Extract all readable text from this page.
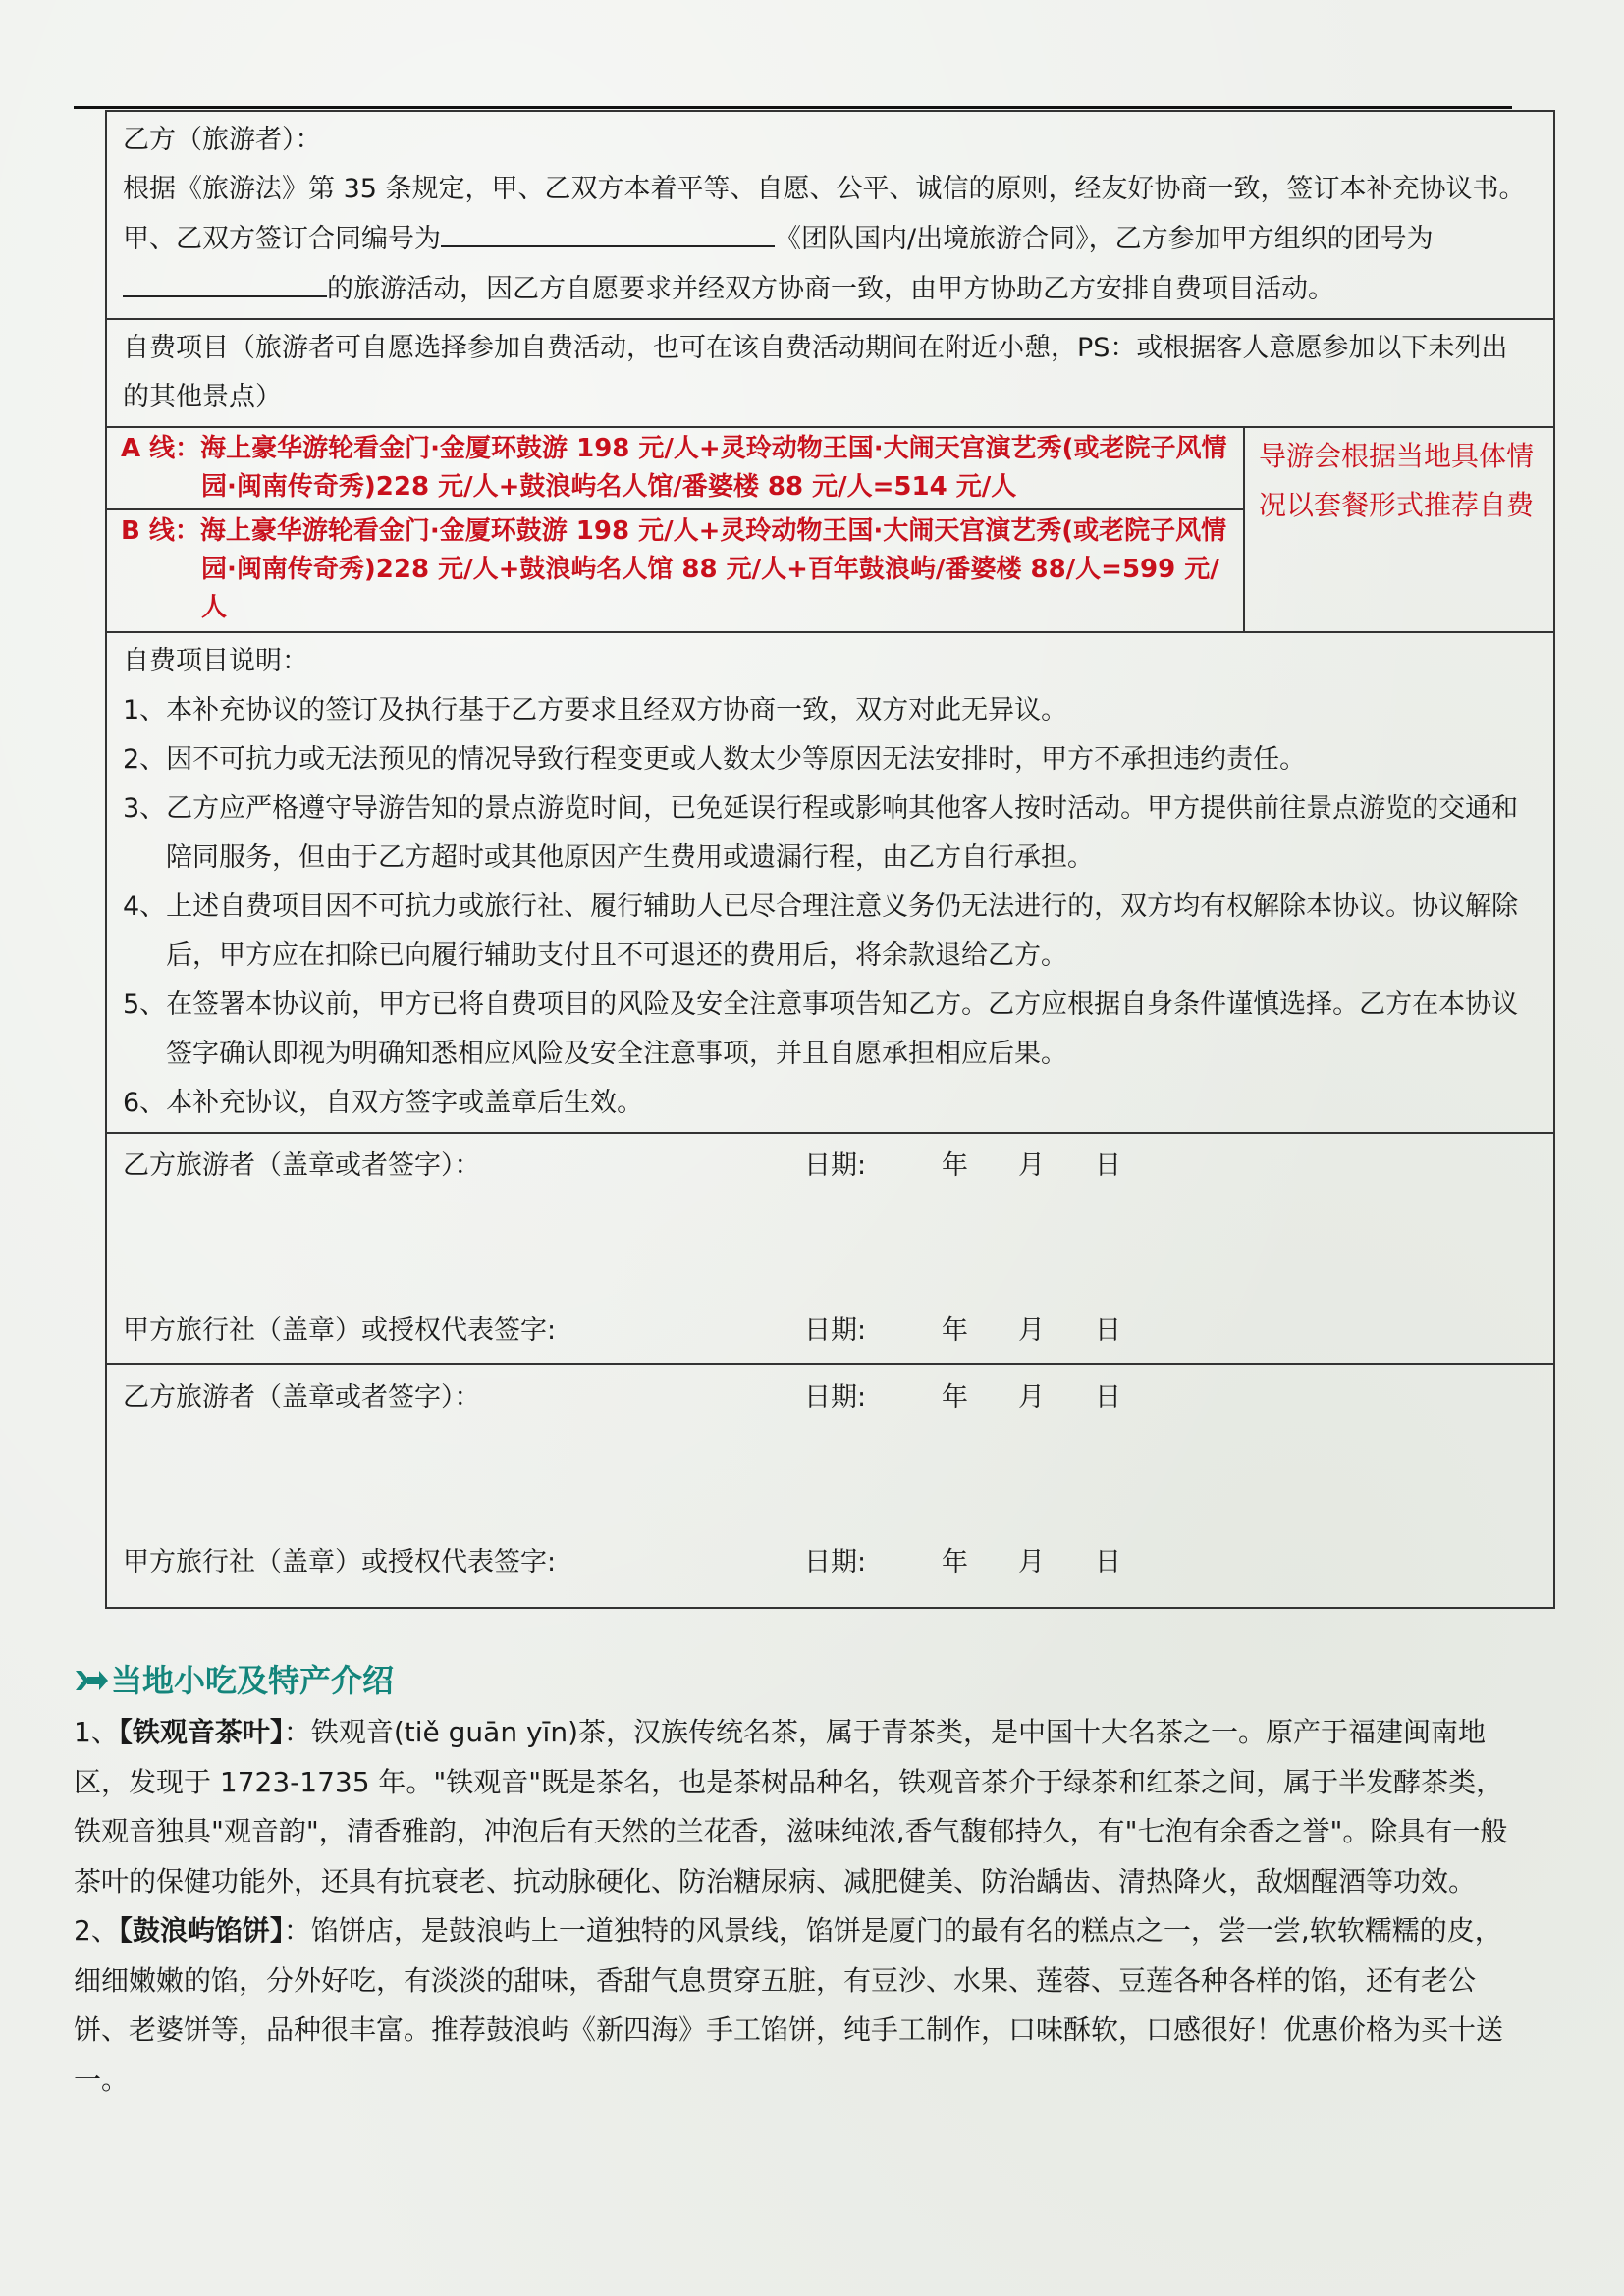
乙方（旅游者）：
根据《旅游法》第 35 条规定，甲、乙双方本着平等、自愿、公平、诚信的原则，经友好协商一致，签订本补充协议书。甲、乙双方签订合同编号为	《团队国内/出境旅游合同》，乙方参加甲方组织的团号为的旅游活动，因乙方自愿要求并经双方协商一致，由甲方协助乙方安排自费项目活动。

自费项目（旅游者可自愿选择参加自费活动，也可在该自费活动期间在附近小憩，PS：或根据客人意愿参加以下未列出的其他景点）

A 线：海上豪华游轮看金门·金厦环鼓游 198 元/人+灵玲动物王国·大闹天宫演艺秀(或老院子风情园·闽南传奇秀)228 元/人+鼓浪屿名人馆/番婆楼 88 元/人=514 元/人

导游会根据当地具体情况以套餐形式推荐自费

B 线：海上豪华游轮看金门·金厦环鼓游 198 元/人+灵玲动物王国·大闹天宫演艺秀(或老院子风情园·闽南传奇秀)228 元/人+鼓浪屿名人馆 88 元/人+百年鼓浪屿/番婆楼 88/人=599 元/人

自费项目说明：
1、本补充协议的签订及执行基于乙方要求且经双方协商一致，双方对此无异议。
2、因不可抗力或无法预见的情况导致行程变更或人数太少等原因无法安排时，甲方不承担违约责任。
3、乙方应严格遵守导游告知的景点游览时间，已免延误行程或影响其他客人按时活动。甲方提供前往景点游览的交通和陪同服务，但由于乙方超时或其他原因产生费用或遗漏行程，由乙方自行承担。
4、上述自费项目因不可抗力或旅行社、履行辅助人已尽合理注意义务仍无法进行的，双方均有权解除本协议。协议解除后，甲方应在扣除已向履行辅助支付且不可退还的费用后，将余款退给乙方。
5、在签署本协议前，甲方已将自费项目的风险及安全注意事项告知乙方。乙方应根据自身条件谨慎选择。乙方在本协议签字确认即视为明确知悉相应风险及安全注意事项，并且自愿承担相应后果。
6、本补充协议，自双方签字或盖章后生效。

乙方旅游者（盖章或者签字）：	日期:	年 月 日
甲方旅行社（盖章）或授权代表签字:	日期:	年 月 日

乙方旅游者（盖章或者签字）：	日期:	年 月 日
甲方旅行社（盖章）或授权代表签字:	日期:	年 月 日
当地小吃及特产介绍

1、【铁观音茶叶】：铁观音(tiě guān yīn)茶，汉族传统名茶，属于青茶类，是中国十大名茶之一。原产于福建闽南地区，发现于 1723-1735 年。"铁观音"既是茶名，也是茶树品种名，铁观音茶介于绿茶和红茶之间，属于半发酵茶类，铁观音独具"观音韵"，清香雅韵，冲泡后有天然的兰花香，滋味纯浓,香气馥郁持久，有"七泡有余香之誉"。除具有一般茶叶的保健功能外，还具有抗衰老、抗动脉硬化、防治糖尿病、减肥健美、防治龋齿、清热降火，敌烟醒酒等功效。

2、【鼓浪屿馅饼】：馅饼店，是鼓浪屿上一道独特的风景线，馅饼是厦门的最有名的糕点之一，尝一尝,软软糯糯的皮，细细嫩嫩的馅，分外好吃，有淡淡的甜味，香甜气息贯穿五脏，有豆沙、水果、莲蓉、豆莲各种各样的馅，还有老公饼、老婆饼等，品种很丰富。推荐鼓浪屿《新四海》手工馅饼，纯手工制作，口味酥软，口感很好！优惠价格为买十送一。
